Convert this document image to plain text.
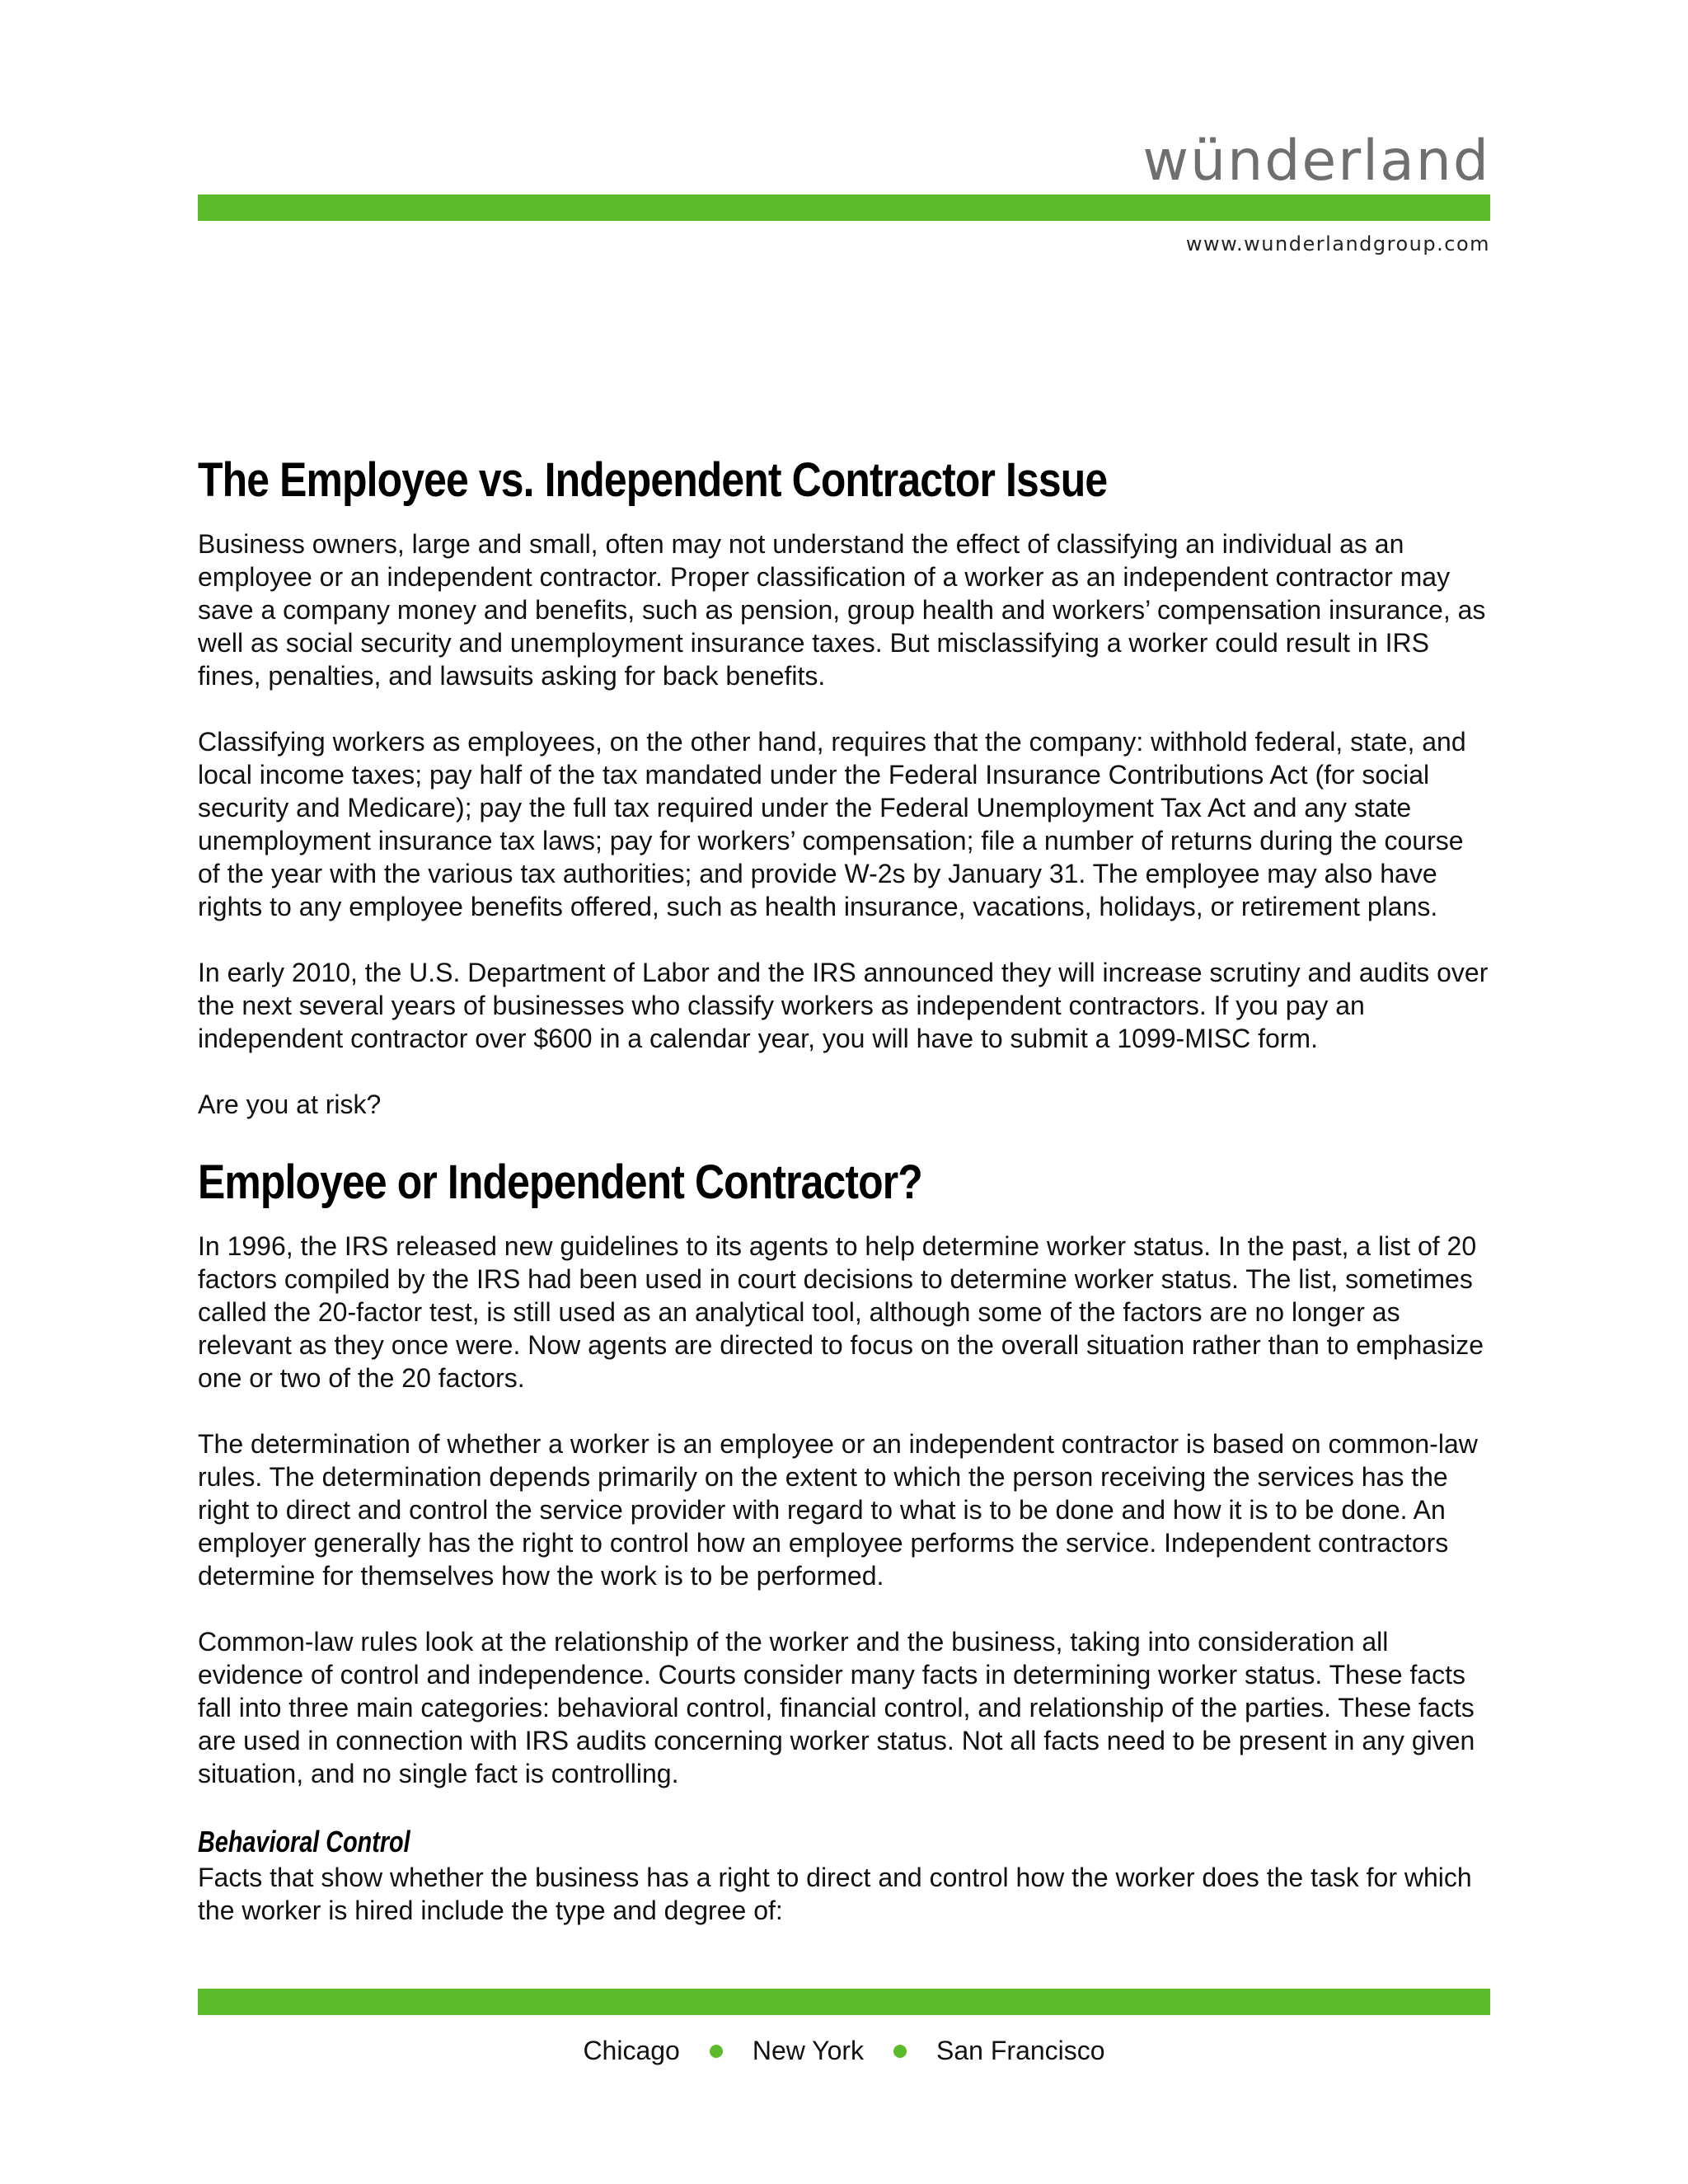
wünderland
www.wunderlandgroup.com
The Employee vs. Independent Contractor Issue

Business owners, large and small, often may not understand the effect of classifying an individual as an employee or an independent contractor. Proper classification of a worker as an independent contractor may save a company money and benefits, such as pension, group health and workers’ compensation insurance, as well as social security and unemployment insurance taxes. But misclassifying a worker could result in IRS fines, penalties, and lawsuits asking for back benefits.

Classifying workers as employees, on the other hand, requires that the company: withhold federal, state, and local income taxes; pay half of the tax mandated under the Federal Insurance Contributions Act (for social security and Medicare); pay the full tax required under the Federal Unemployment Tax Act and any state unemployment insurance tax laws; pay for workers’ compensation; file a number of returns during the course of the year with the various tax authorities; and provide W-2s by January 31. The employee may also have rights to any employee benefits offered, such as health insurance, vacations, holidays, or retirement plans.

In early 2010, the U.S. Department of Labor and the IRS announced they will increase scrutiny and audits over the next several years of businesses who classify workers as independent contractors. If you pay an independent contractor over $600 in a calendar year, you will have to submit a 1099-MISC form.

Are you at risk?

Employee or Independent Contractor?

In 1996, the IRS released new guidelines to its agents to help determine worker status. In the past, a list of 20 factors compiled by the IRS had been used in court decisions to determine worker status. The list, sometimes called the 20-factor test, is still used as an analytical tool, although some of the factors are no longer as relevant as they once were. Now agents are directed to focus on the overall situation rather than to emphasize one or two of the 20 factors.

The determination of whether a worker is an employee or an independent contractor is based on common-law rules. The determination depends primarily on the extent to which the person receiving the services has the right to direct and control the service provider with regard to what is to be done and how it is to be done. An employer generally has the right to control how an employee performs the service. Independent contractors determine for themselves how the work is to be performed.

Common-law rules look at the relationship of the worker and the business, taking into consideration all evidence of control and independence. Courts consider many facts in determining worker status. These facts fall into three main categories: behavioral control, financial control, and relationship of the parties. These facts are used in connection with IRS audits concerning worker status. Not all facts need to be present in any given situation, and no single fact is controlling.

Behavioral Control

Facts that show whether the business has a right to direct and control how the worker does the task for which the worker is hired include the type and degree of:

Chicago	New York	San Francisco
